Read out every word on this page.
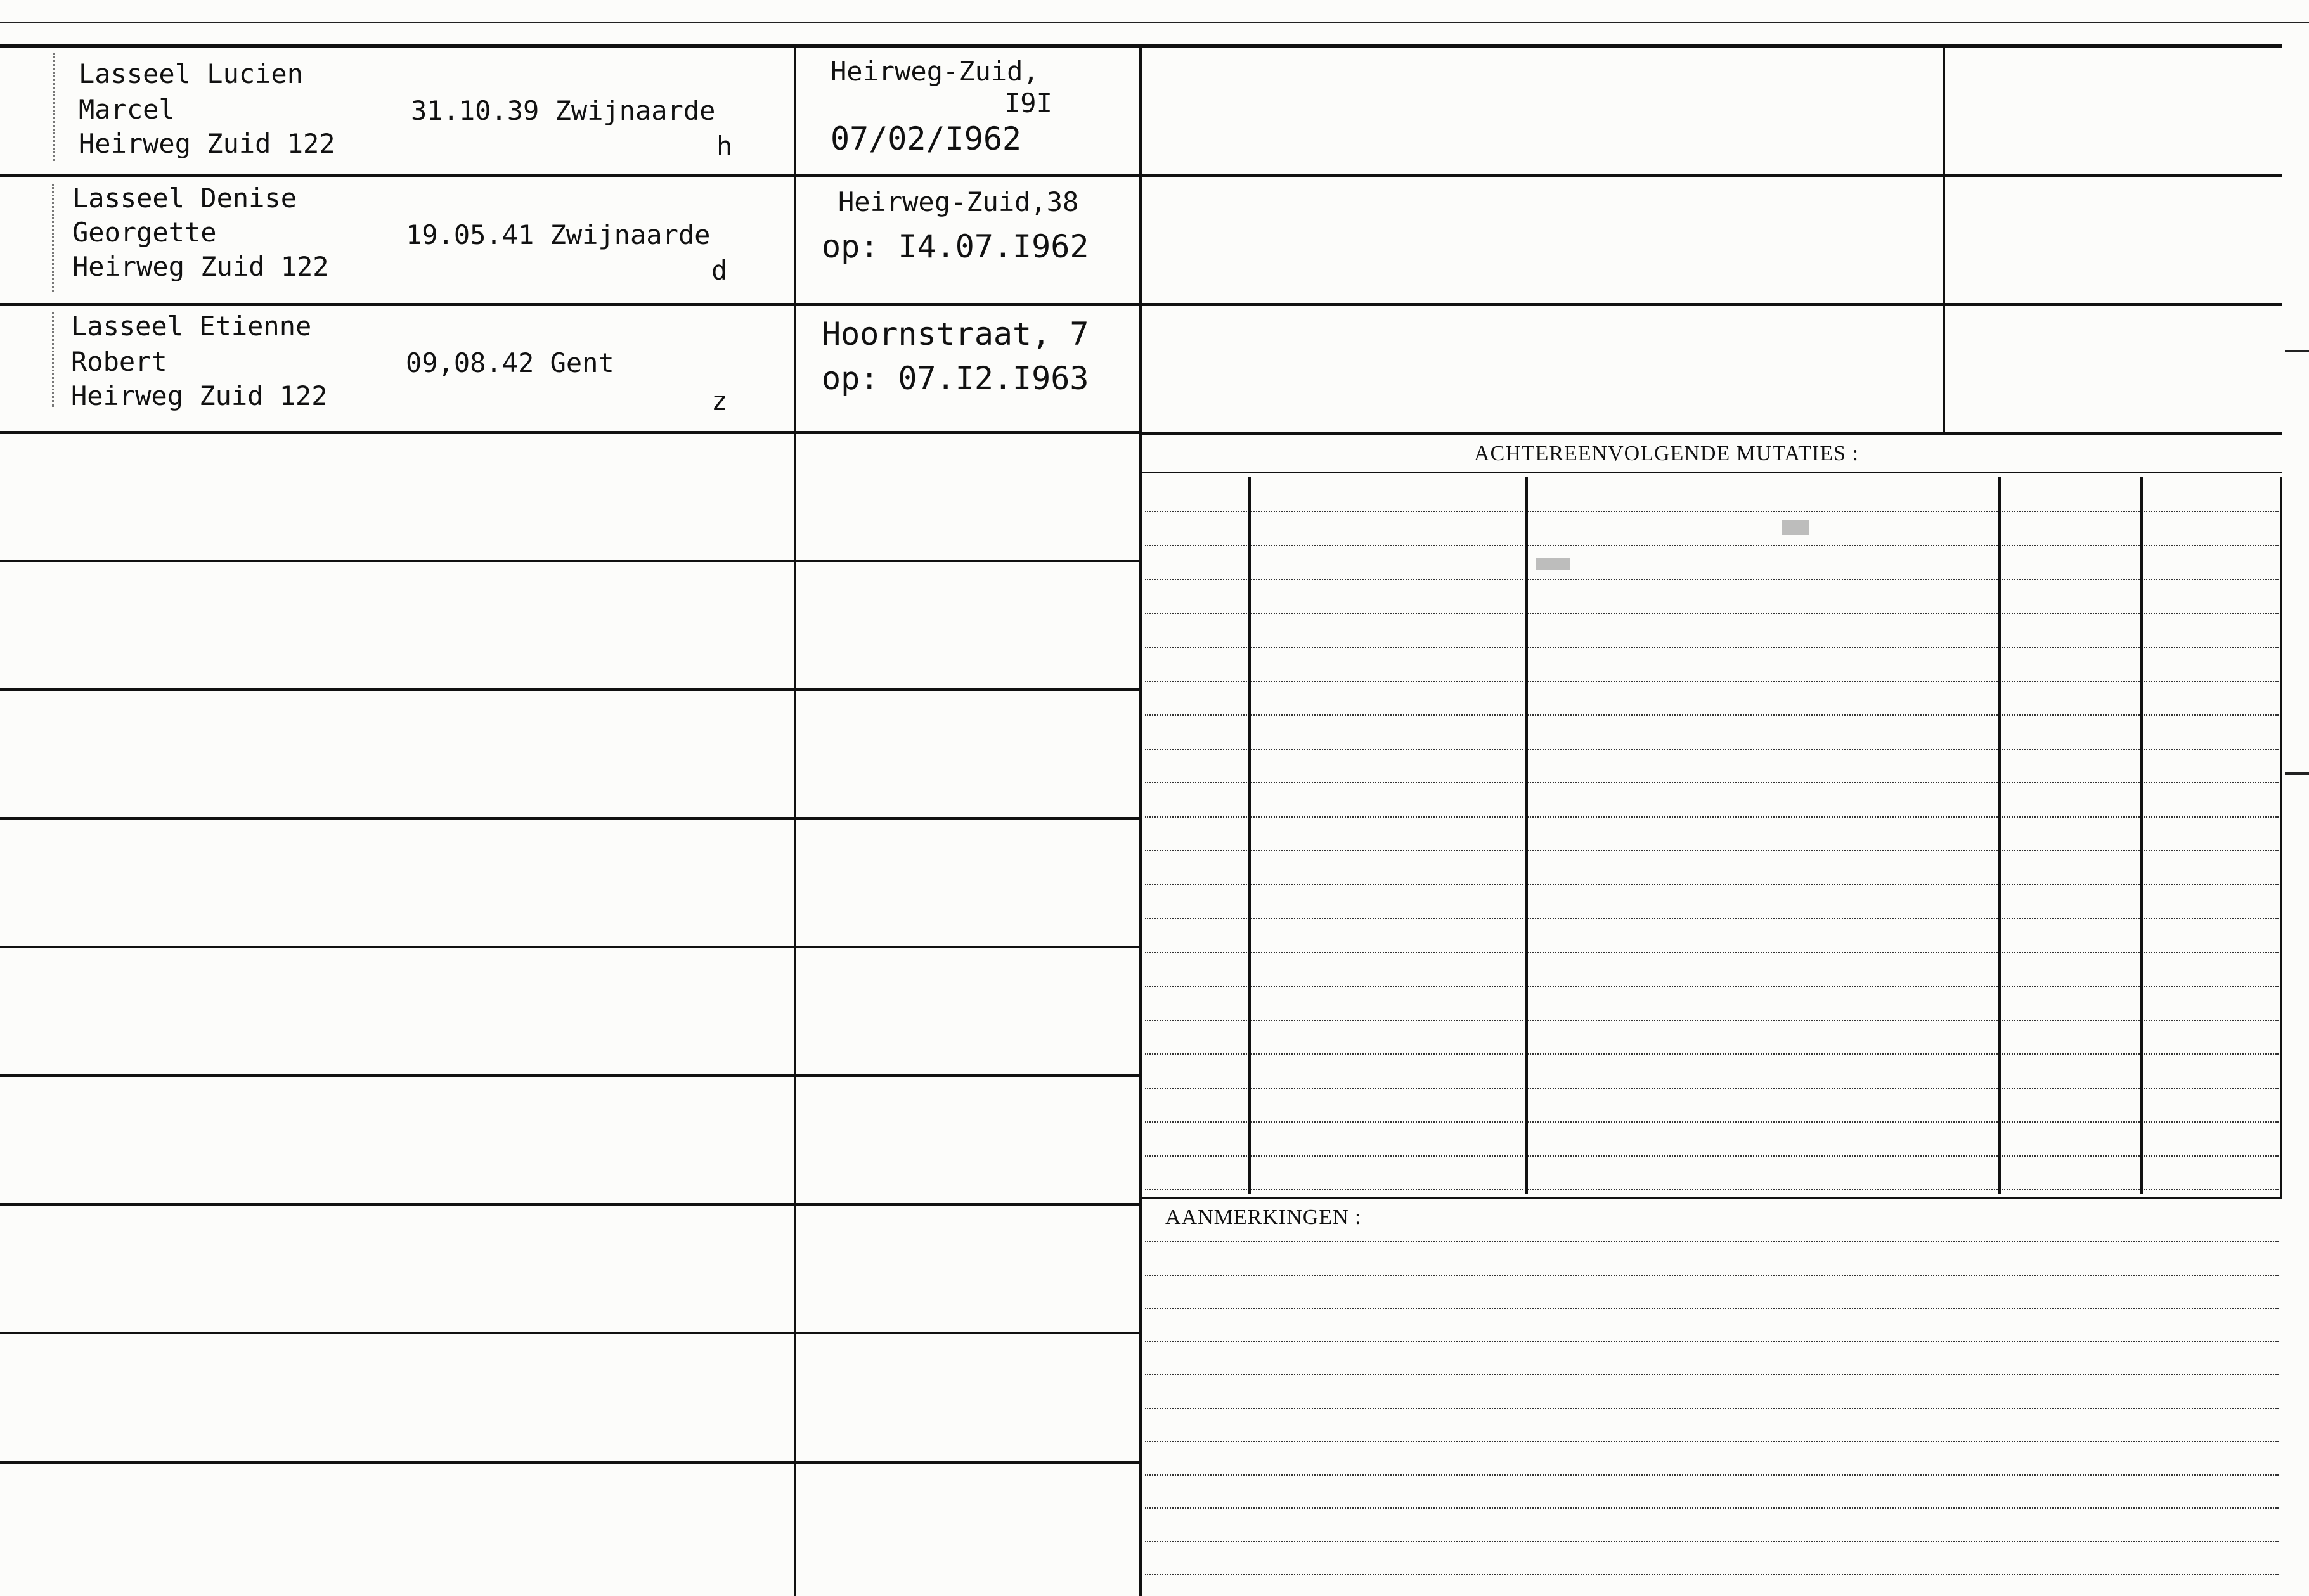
ACHTEREENVOLGENDE MUTATIES :
AANMERKINGEN :
Lasseel Lucien
Marcel
Heirweg Zuid 122
31.10.39 Zwijnaarde
h
Heirweg-Zuid,
I9I
07/02/I962
Lasseel Denise
Georgette
Heirweg Zuid 122
19.05.41 Zwijnaarde
d
Heirweg-Zuid,38
op: I4.07.I962
Lasseel Etienne
Robert
Heirweg Zuid 122
09,08.42 Gent
z
Hoornstraat, 7
op: 07.I2.I963
